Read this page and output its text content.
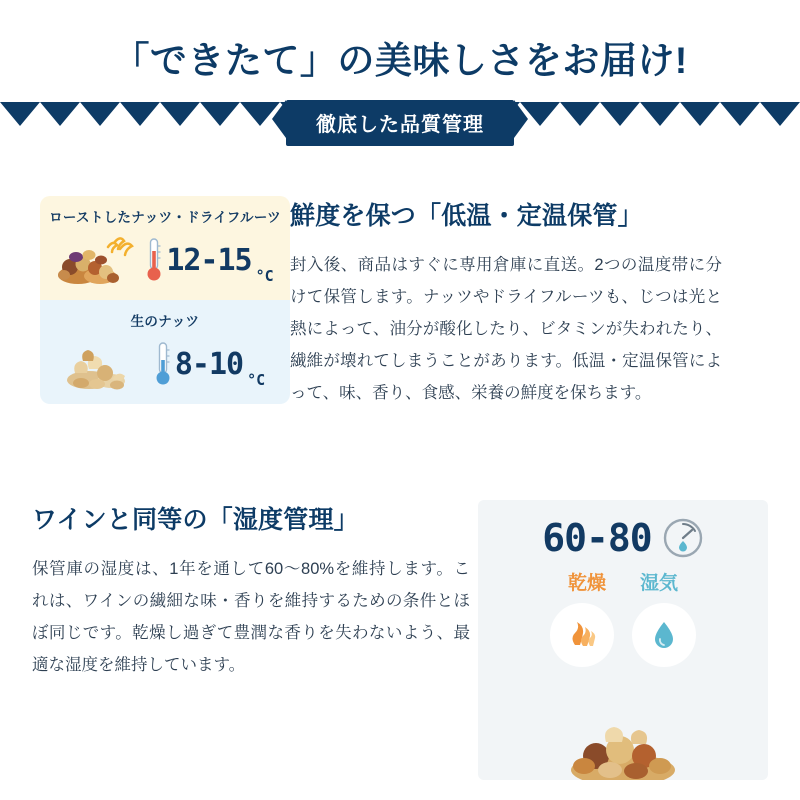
「できたて」の美味しさをお届け!
徹底した品質管理
ローストしたナッツ・ドライフルーツ
12-15 °C
生のナッツ
8-10 °C
鮮度を保つ「低温・定温保管」

封入後、商品はすぐに専用倉庫に直送。2つの温度帯に分けて保管します。ナッツやドライフルーツも、じつは光と熱によって、油分が酸化したり、ビタミンが失われたり、繊維が壊れてしまうことがあります。低温・定温保管によって、味、香り、食感、栄養の鮮度を保ちます。

ワインと同等の「湿度管理」

保管庫の湿度は、1年を通して60〜80%を維持します。これは、ワインの繊細な味・香りを維持するための条件とほぼ同じです。乾燥し過ぎて豊潤な香りを失わないよう、最適な湿度を維持しています。

60-80
乾燥 湿気
